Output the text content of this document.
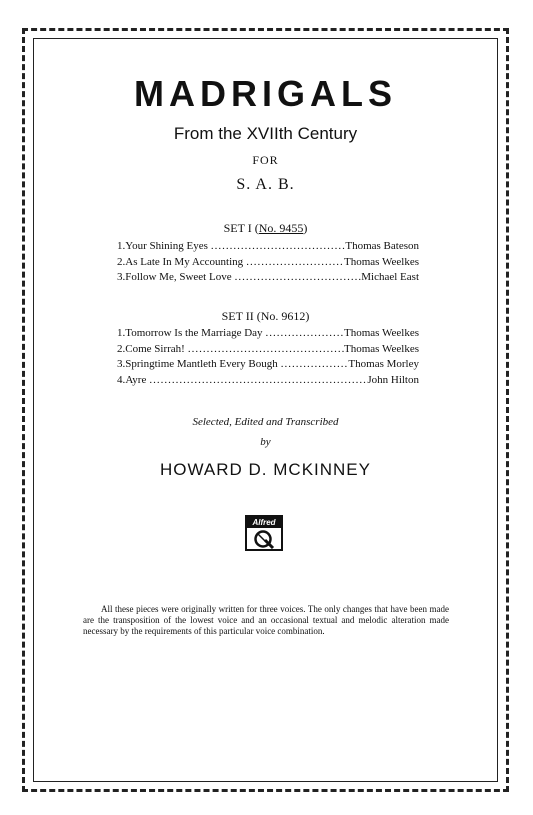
MADRIGALS
From the XVIIth Century
FOR
S. A. B.
SET I (No. 9455)
1. Your Shining Eyes .....	Thomas Bateson
2. As Late In My Accounting .....	Thomas Weelkes
3. Follow Me, Sweet Love .....	Michael East
SET II (No. 9612)
1. Tomorrow Is the Marriage Day .....	Thomas Weelkes
2. Come Sirrah! .....	Thomas Weelkes
3. Springtime Mantleth Every Bough .....	Thomas Morley
4. Ayre .....	John Hilton
Selected, Edited and Transcribed
by
HOWARD D. MCKINNEY
Alfred
All these pieces were originally written for three voices. The only changes that have been made are the transposition of the lowest voice and an occasional textual and melodic alteration made necessary by the requirements of this particular voice combination.
